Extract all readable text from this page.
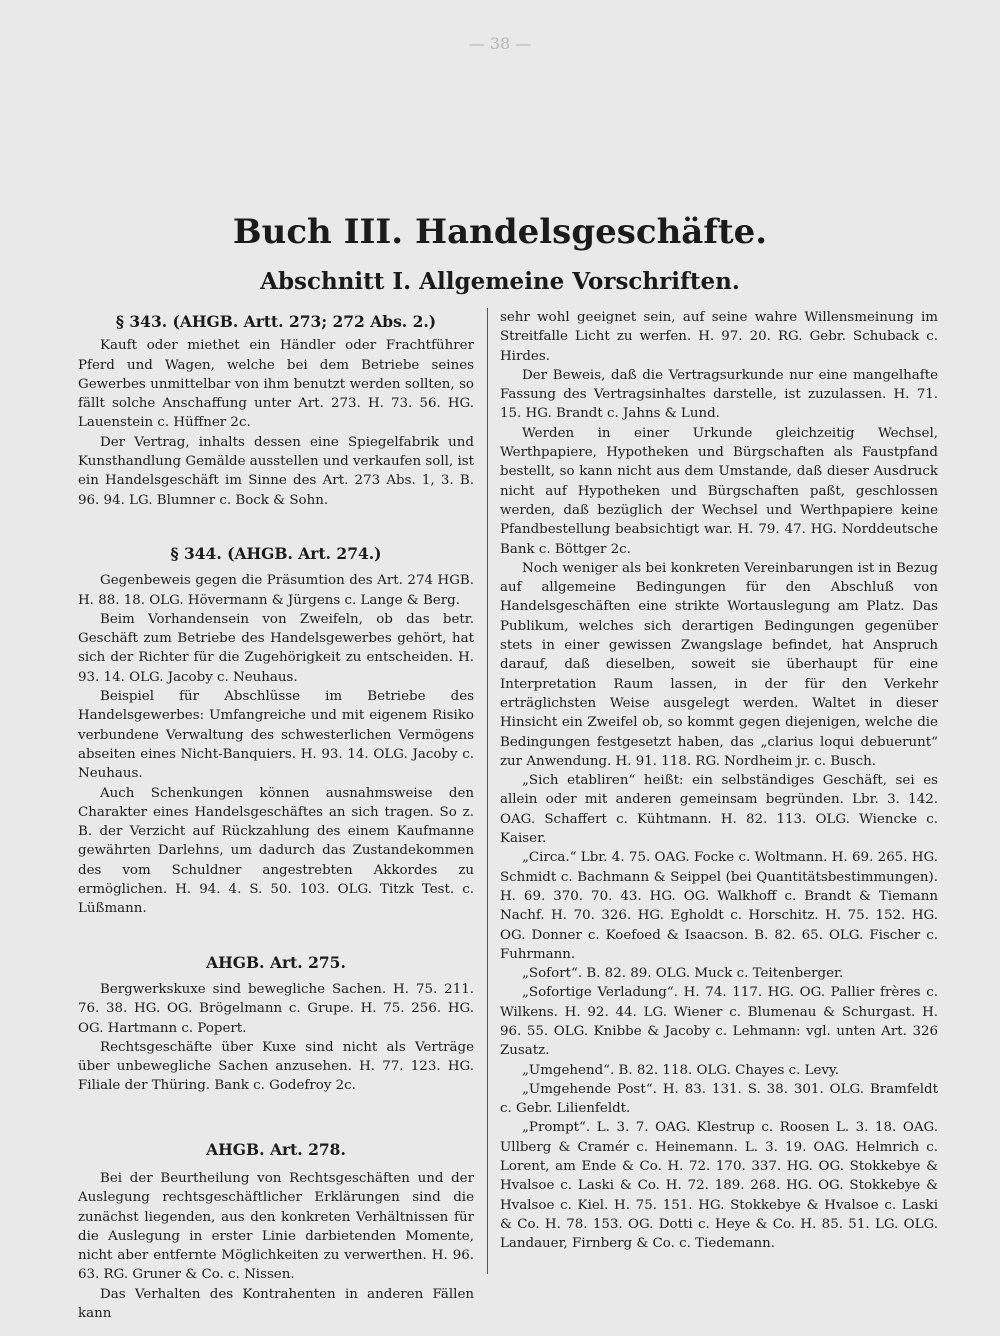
— 38 —
Buch III. Handelsgeschäfte.
Abschnitt I. Allgemeine Vorschriften.
§ 343. (AHGB. Artt. 273; 272 Abs. 2.)

Kauft oder miethet ein Händler oder Frachtführer Pferd und Wagen, welche bei dem Betriebe seines Gewerbes unmittelbar von ihm benutzt werden sollten, so fällt solche Anschaffung unter Art. 273. H. 73. 56. HG. Lauenstein c. Hüffner 2c.

Der Vertrag, inhalts dessen eine Spiegelfabrik und Kunsthandlung Gemälde ausstellen und verkaufen soll, ist ein Handelsgeschäft im Sinne des Art. 273 Abs. 1, 3. B. 96. 94. LG. Blumner c. Bock & Sohn.

§ 344. (AHGB. Art. 274.)

Gegenbeweis gegen die Präsumtion des Art. 274 HGB. H. 88. 18. OLG. Hövermann & Jürgens c. Lange & Berg.

Beim Vorhandensein von Zweifeln, ob das betr. Geschäft zum Betriebe des Handelsgewerbes gehört, hat sich der Richter für die Zugehörigkeit zu entscheiden. H. 93. 14. OLG. Jacoby c. Neuhaus.

Beispiel für Abschlüsse im Betriebe des Handelsgewerbes: Umfangreiche und mit eigenem Risiko verbundene Verwaltung des schwesterlichen Vermögens abseiten eines Nicht-Banquiers. H. 93. 14. OLG. Jacoby c. Neuhaus.

Auch Schenkungen können ausnahmsweise den Charakter eines Handelsgeschäftes an sich tragen. So z. B. der Verzicht auf Rückzahlung des einem Kaufmanne gewährten Darlehns, um dadurch das Zustandekommen des vom Schuldner angestrebten Akkordes zu ermöglichen. H. 94. 4. S. 50. 103. OLG. Titzk Test. c. Lüßmann.

AHGB. Art. 275.

Bergwerkskuxe sind bewegliche Sachen. H. 75. 211. 76. 38. HG. OG. Brögelmann c. Grupe. H. 75. 256. HG. OG. Hartmann c. Popert.

Rechtsgeschäfte über Kuxe sind nicht als Verträge über unbewegliche Sachen anzusehen. H. 77. 123. HG. Filiale der Thüring. Bank c. Godefroy 2c.

AHGB. Art. 278.

Bei der Beurtheilung von Rechtsgeschäften und der Auslegung rechtsgeschäftlicher Erklärungen sind die zunächst liegenden, aus den konkreten Verhältnissen für die Auslegung in erster Linie darbietenden Momente, nicht aber entfernte Möglichkeiten zu verwerthen. H. 96. 63. RG. Gruner & Co. c. Nissen.

Das Verhalten des Kontrahenten in anderen Fällen kann

sehr wohl geeignet sein, auf seine wahre Willensmeinung im Streitfalle Licht zu werfen. H. 97. 20. RG. Gebr. Schuback c. Hirdes.

Der Beweis, daß die Vertragsurkunde nur eine mangelhafte Fassung des Vertragsinhaltes darstelle, ist zuzulassen. H. 71. 15. HG. Brandt c. Jahns & Lund.

Werden in einer Urkunde gleichzeitig Wechsel, Werthpapiere, Hypotheken und Bürgschaften als Faustpfand bestellt, so kann nicht aus dem Umstande, daß dieser Ausdruck nicht auf Hypotheken und Bürgschaften paßt, geschlossen werden, daß bezüglich der Wechsel und Werthpapiere keine Pfandbestellung beabsichtigt war. H. 79. 47. HG. Norddeutsche Bank c. Böttger 2c.

Noch weniger als bei konkreten Vereinbarungen ist in Bezug auf allgemeine Bedingungen für den Abschluß von Handelsgeschäften eine strikte Wortauslegung am Platz. Das Publikum, welches sich derartigen Bedingungen gegenüber stets in einer gewissen Zwangslage befindet, hat Anspruch darauf, daß dieselben, soweit sie überhaupt für eine Interpretation Raum lassen, in der für den Verkehr erträglichsten Weise ausgelegt werden. Waltet in dieser Hinsicht ein Zweifel ob, so kommt gegen diejenigen, welche die Bedingungen festgesetzt haben, das „clarius loqui debuerunt“ zur Anwendung. H. 91. 118. RG. Nordheim jr. c. Busch.

„Sich etabliren“ heißt: ein selbständiges Geschäft, sei es allein oder mit anderen gemeinsam begründen. Lbr. 3. 142. OAG. Schaffert c. Kühtmann. H. 82. 113. OLG. Wiencke c. Kaiser.

„Circa.“ Lbr. 4. 75. OAG. Focke c. Woltmann. H. 69. 265. HG. Schmidt c. Bachmann & Seippel (bei Quantitätsbestimmungen). H. 69. 370. 70. 43. HG. OG. Walkhoff c. Brandt & Tiemann Nachf. H. 70. 326. HG. Egholdt c. Horschitz. H. 75. 152. HG. OG. Donner c. Koefoed & Isaacson. B. 82. 65. OLG. Fischer c. Fuhrmann.

„Sofort“. B. 82. 89. OLG. Muck c. Teitenberger.

„Sofortige Verladung“. H. 74. 117. HG. OG. Pallier frères c. Wilkens. H. 92. 44. LG. Wiener c. Blumenau & Schurgast. H. 96. 55. OLG. Knibbe & Jacoby c. Lehmann: vgl. unten Art. 326 Zusatz.

„Umgehend“. B. 82. 118. OLG. Chayes c. Levy.

„Umgehende Post“. H. 83. 131. S. 38. 301. OLG. Bramfeldt c. Gebr. Lilienfeldt.

„Prompt“. L. 3. 7. OAG. Klestrup c. Roosen L. 3. 18. OAG. Ullberg & Cramér c. Heinemann. L. 3. 19. OAG. Helmrich c. Lorent, am Ende & Co. H. 72. 170. 337. HG. OG. Stokkebye & Hvalsoe c. Laski & Co. H. 72. 189. 268. HG. OG. Stokkebye & Hvalsoe c. Kiel. H. 75. 151. HG. Stokkebye & Hvalsoe c. Laski & Co. H. 78. 153. OG. Dotti c. Heye & Co. H. 85. 51. LG. OLG. Landauer, Firnberg & Co. c. Tiedemann.
